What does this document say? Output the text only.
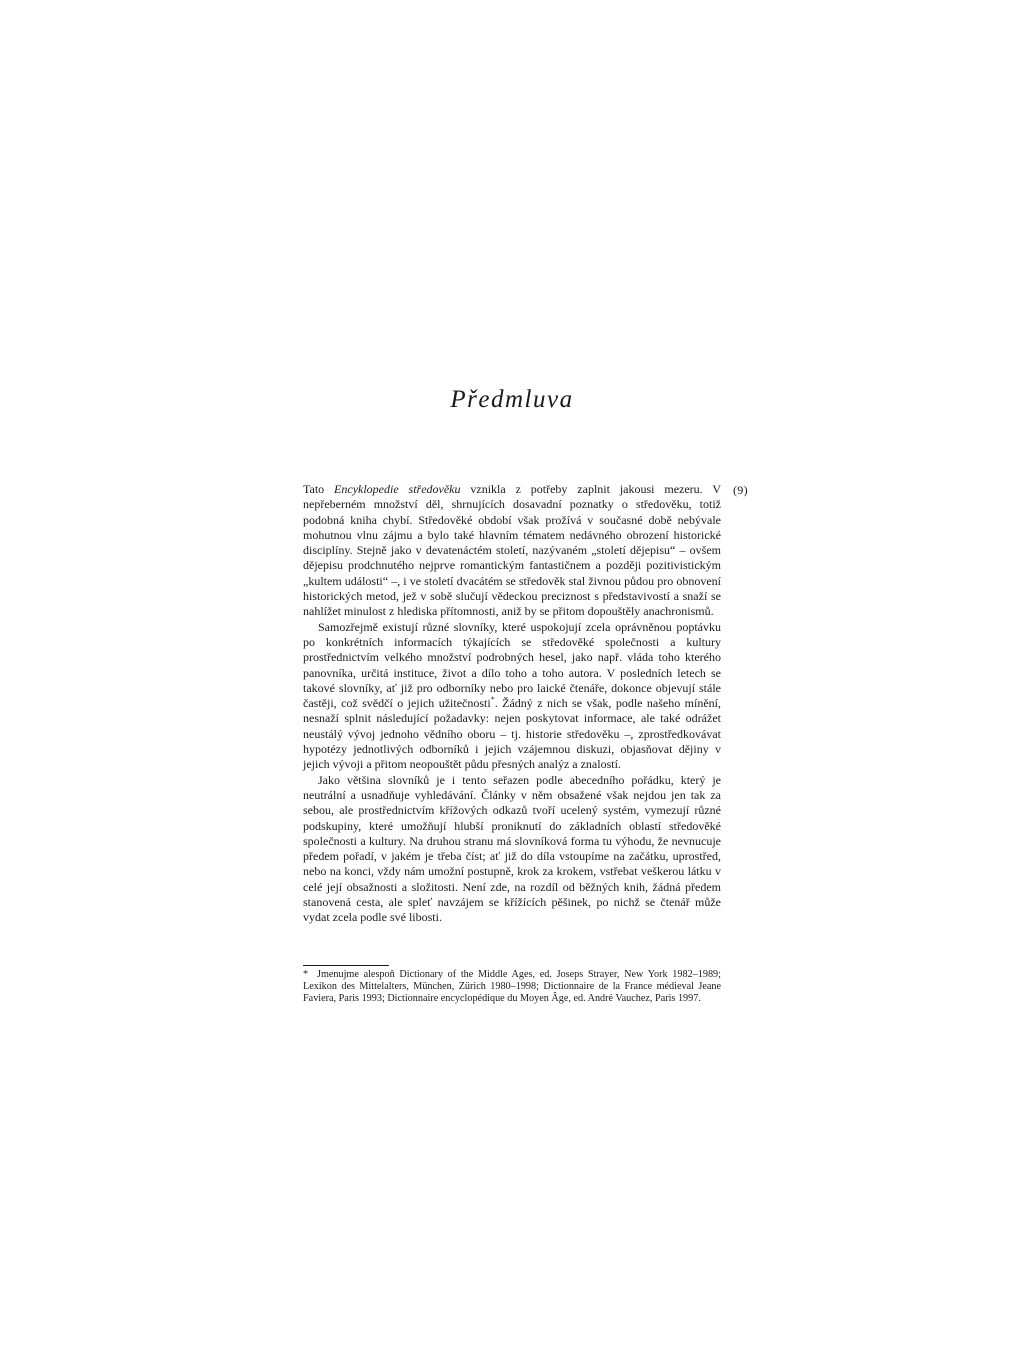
Předmluva
(9)

Tato Encyklopedie středověku vznikla z potřeby zaplnit jakousi mezeru. V nepřeberném množství děl, shrnujících dosavadní poznatky o středověku, totiž podobná kniha chybí. Středověké období však prožívá v současné době nebývale mohutnou vlnu zájmu a bylo také hlavním tématem nedávného obrození historické disciplíny. Stejně jako v devatenáctém století, nazývaném „století dějepisu“ – ovšem dějepisu prodchnutého nejprve romantickým fantastičnem a později pozitivistickým „kultem události“ –, i ve století dvacátém se středověk stal živnou půdou pro obnovení historických metod, jež v sobě slučují vědeckou preciznost s představivostí a snaží se nahlížet minulost z hlediska přítomnosti, aniž by se přitom dopouštěly anachronismů.

Samozřejmě existují různé slovníky, které uspokojují zcela oprávněnou poptávku po konkrétních informacích týkajících se středověké společnosti a kultury prostřednictvím velkého množství podrobných hesel, jako např. vláda toho kterého panovníka, určitá instituce, život a dílo toho a toho autora. V posledních letech se takové slovníky, ať již pro odborníky nebo pro laické čtenáře, dokonce objevují stále častěji, což svědčí o jejich užitečnosti*. Žádný z nich se však, podle našeho mínění, nesnaží splnit následující požadavky: nejen poskytovat informace, ale také odrážet neustálý vývoj jednoho vědního oboru – tj. historie středověku –, zprostředkovávat hypotézy jednotlivých odborníků i jejich vzájemnou diskuzi, objasňovat dějiny v jejich vývoji a přitom neopouštět půdu přesných analýz a znalostí.

Jako většina slovníků je i tento seřazen podle abecedního pořádku, který je neutrální a usnadňuje vyhledávání. Články v něm obsažené však nejdou jen tak za sebou, ale prostřednictvím křížových odkazů tvoří ucelený systém, vymezují různé podskupiny, které umožňují hlubší proniknutí do základních oblastí středověké společnosti a kultury. Na druhou stranu má slovníková forma tu výhodu, že nevnucuje předem pořadí, v jakém je třeba číst; ať již do díla vstoupíme na začátku, uprostřed, nebo na konci, vždy nám umožní postupně, krok za krokem, vstřebat veškerou látku v celé její obsažnosti a složitosti. Není zde, na rozdíl od běžných knih, žádná předem stanovená cesta, ale spleť navzájem se křížících pěšinek, po nichž se čtenář může vydat zcela podle své libosti.

* Jmenujme alespoň Dictionary of the Middle Ages, ed. Joseps Strayer, New York 1982–1989; Lexikon des Mittelalters, München, Zürich 1980–1998; Dictionnaire de la France médieval Jeane Faviera, Paris 1993; Dictionnaire encyclopédique du Moyen Âge, ed. André Vauchez, Paris 1997.
